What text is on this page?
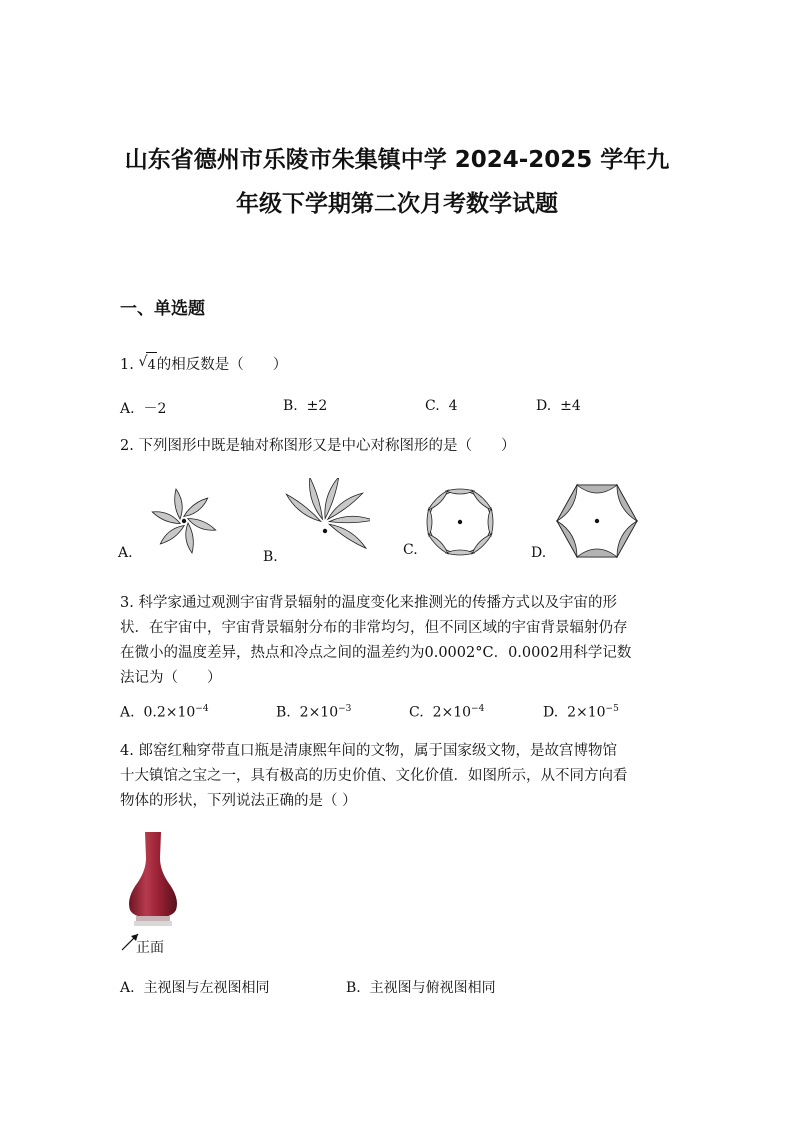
山东省德州市乐陵市朱集镇中学 2024-2025 学年九
年级下学期第二次月考数学试题
一、单选题
1. √ 4的相反数是（　　）
A. －2	B. ±2	C. 4	D. ±4
2. 下列图形中既是轴对称图形又是中心对称图形的是（　　）
A.	B.	C.	D.
3. 科学家通过观测宇宙背景辐射的温度变化来推测光的传播方式以及宇宙的形
状．在宇宙中，宇宙背景辐射分布的非常均匀，但不同区域的宇宙背景辐射仍存
在微小的温度差异，热点和冷点之间的温差约为0.0002°C．0.0002用科学记数
法记为（　　）
A. $0.2\times 10^{-4}$	B. $2\times 10^{-3}$	C. $2\times 10^{-4}$	D. $2\times 10^{-5}$
4. 郎窑红釉穿带直口瓶是清康熙年间的文物，属于国家级文物，是故宫博物馆
十大镇馆之宝之一，具有极高的历史价值、文化价值．如图所示，从不同方向看
物体的形状，下列说法正确的是（ ）
正面
A. 主视图与左视图相同	B. 主视图与俯视图相同
